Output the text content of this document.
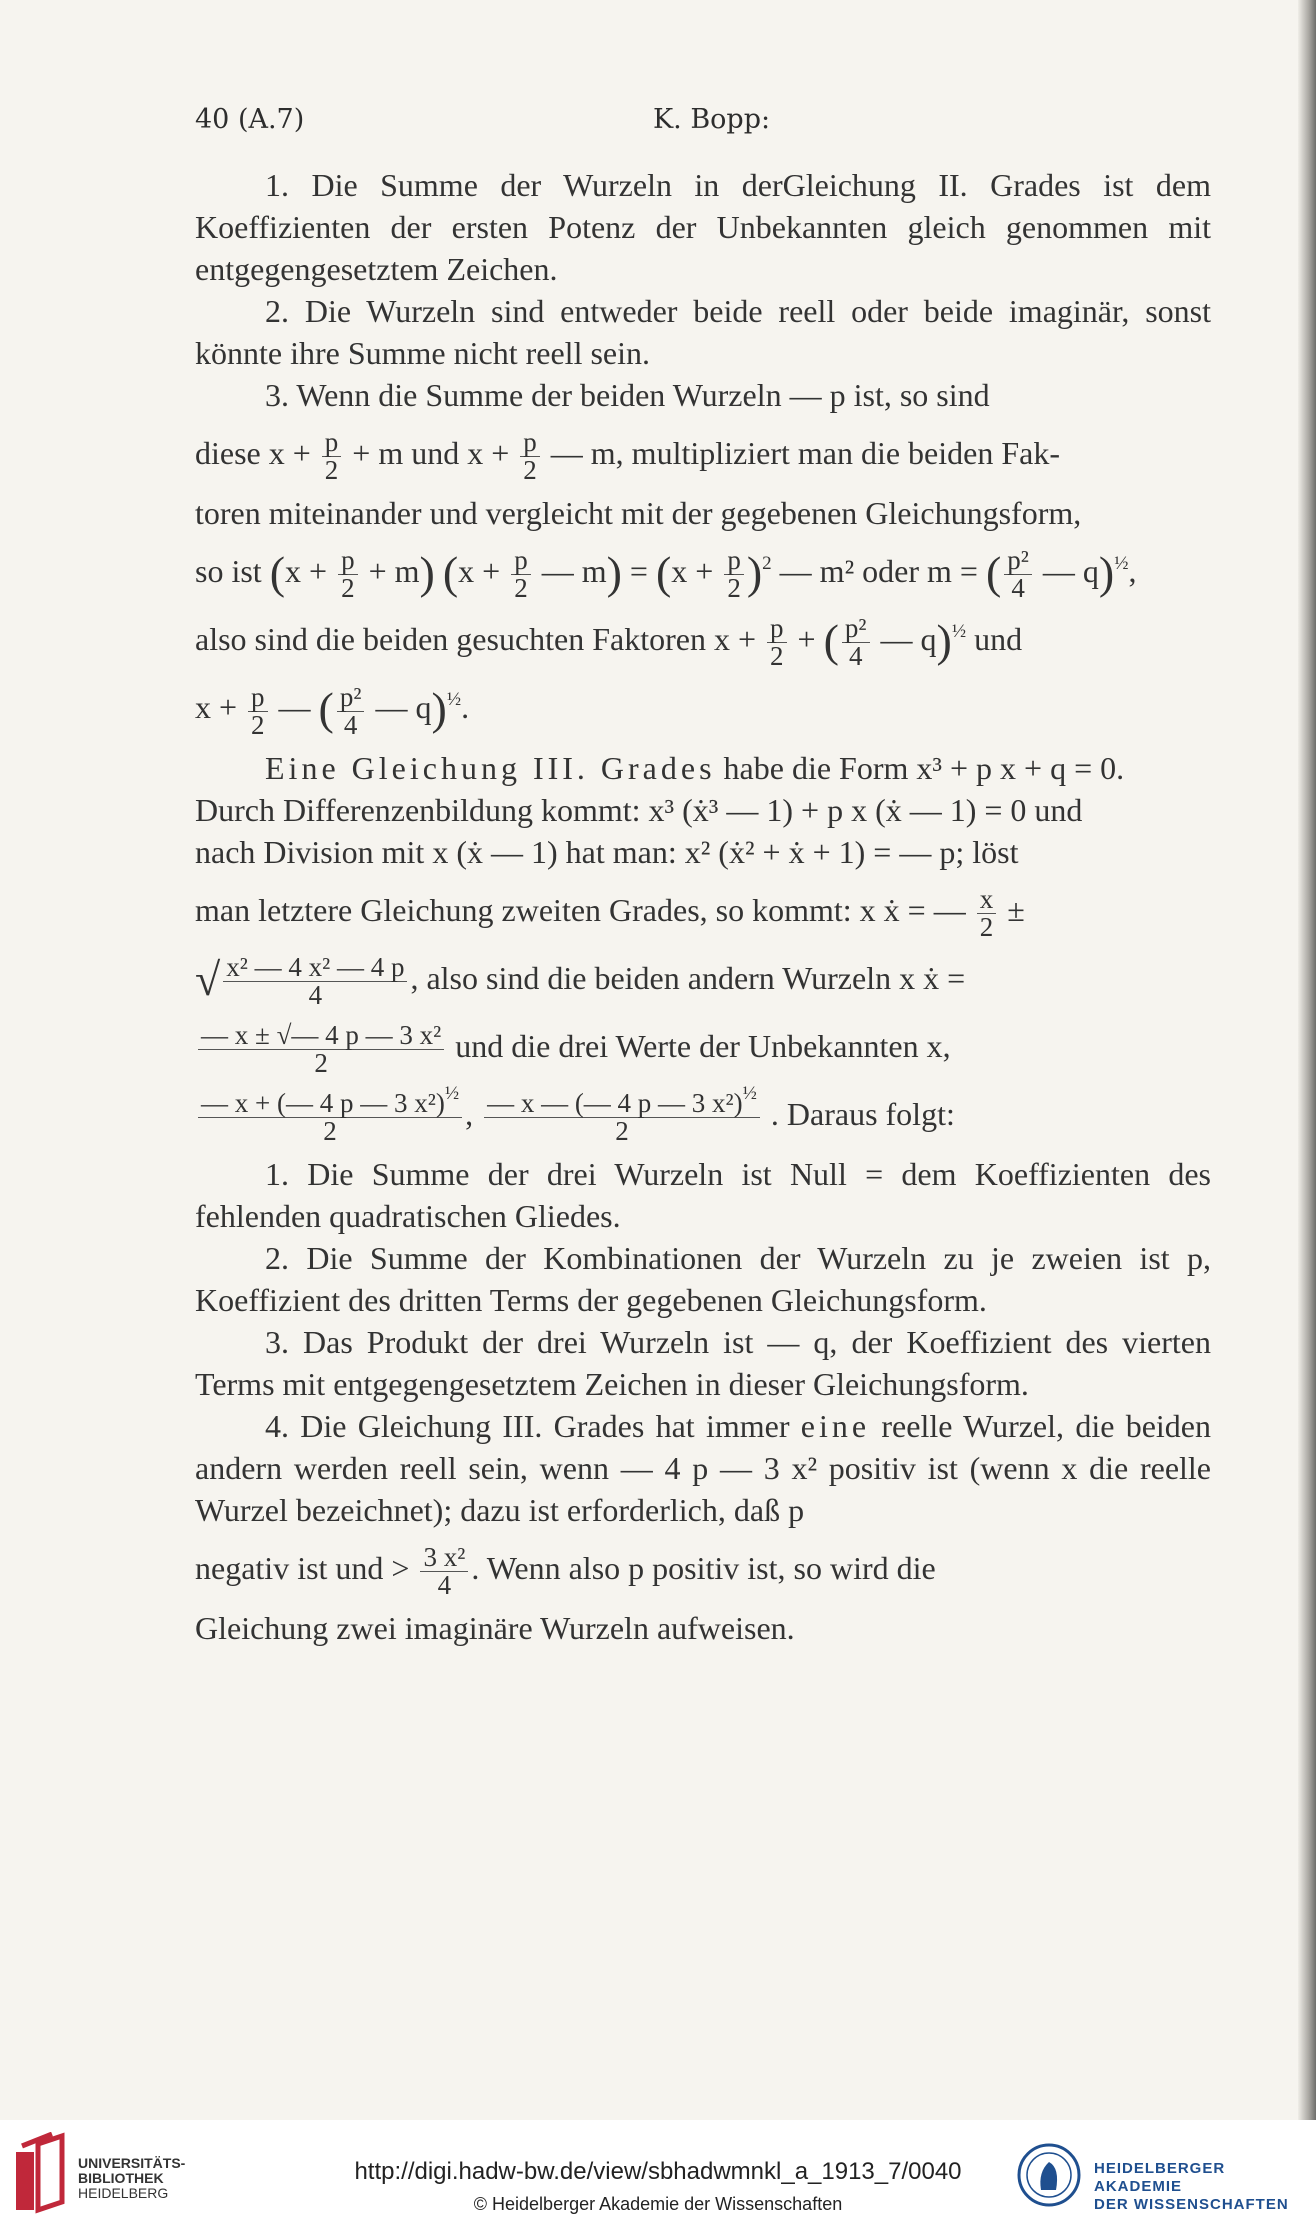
40 (A.7)	K. Bopp:

1. Die Summe der Wurzeln in derGleichung II. Grades ist dem Koeffizienten der ersten Potenz der Unbekannten gleich genommen mit entgegengesetztem Zeichen.

2. Die Wurzeln sind entweder beide reell oder beide imaginär, sonst könnte ihre Summe nicht reell sein.

3. Wenn die Summe der beiden Wurzeln — p ist, so sind

diese $x + \frac{p}{2} + m$ und $x + \frac{p}{2}$ — m, multipliziert man die beiden Fak-

toren miteinander und vergleicht mit der gegebenen Gleichungsform,

so ist $(x + \frac{p}{2} + m)$ ($x + \frac{p}{2}$ — $m) = (x + \frac{p}{2} )^2$ — m² oder m = ( $\frac{\text{p²}}{4}$ — q)$^{\frac{1}{2}}$,

also sind die beiden gesuchten Faktoren $x + \frac{p}{2}$ + ( $\frac{\text{p²}}{4}$ — q)$^{\frac{1}{2}}$ und

$x + \frac{p}{2}$ — ( $\frac{\text{p²}}{4}$ — q)$^{\frac{1}{2}}$.

Eine Gleichung III. Grades habe die Form x³ + p x + q = 0.

Durch Differenzenbildung kommt: x³ (ẋ³ — 1) + p x (ẋ — 1) = 0 und

nach Division mit x (ẋ — 1) hat man: x² (ẋ² + ẋ + 1) = — p; löst

man letztere Gleichung zweiten Grades, so kommt: x ẋ = — $\frac{x}{2}$ ±

√ $\frac{\text{x² — 4 x² — 4 p}}{4}$ , also sind die beiden andern Wurzeln x ẋ =

$\frac{\text{— x ± √— 4 p — 3 x²}}{2}$ und die drei Werte der Unbekannten x,

$\frac{— x + (— 4 p — 3 x^2)^{\frac{1}{2}}}{2}$ , $\frac{— x — (— 4 p — 3 x^2)^{\frac{1}{2}}}{2}$ . Daraus folgt:

1. Die Summe der drei Wurzeln ist Null = dem Koeffizienten des fehlenden quadratischen Gliedes.

2. Die Summe der Kombinationen der Wurzeln zu je zweien ist p, Koeffizient des dritten Terms der gegebenen Gleichungsform.

3. Das Produkt der drei Wurzeln ist — q, der Koeffizient des vierten Terms mit entgegengesetztem Zeichen in dieser Gleichungsform.

4. Die Gleichung III. Grades hat immer eine reelle Wurzel, die beiden andern werden reell sein, wenn — 4 p — 3 x² positiv ist (wenn x die reelle Wurzel bezeichnet); dazu ist erforderlich, daß p

negativ ist und > $\frac{\text{3 x²}}{4}$ . Wenn also p positiv ist, so wird die

Gleichung zwei imaginäre Wurzeln aufweisen.

UNIVERSITÄTS-
BIBLIOTHEK
HEIDELBERG
http://digi.hadw-bw.de/view/sbhadwmnkl_a_1913_7/0040
© Heidelberger Akademie der Wissenschaften
HEIDELBERGER AKADEMIE
DER WISSENSCHAFTEN
